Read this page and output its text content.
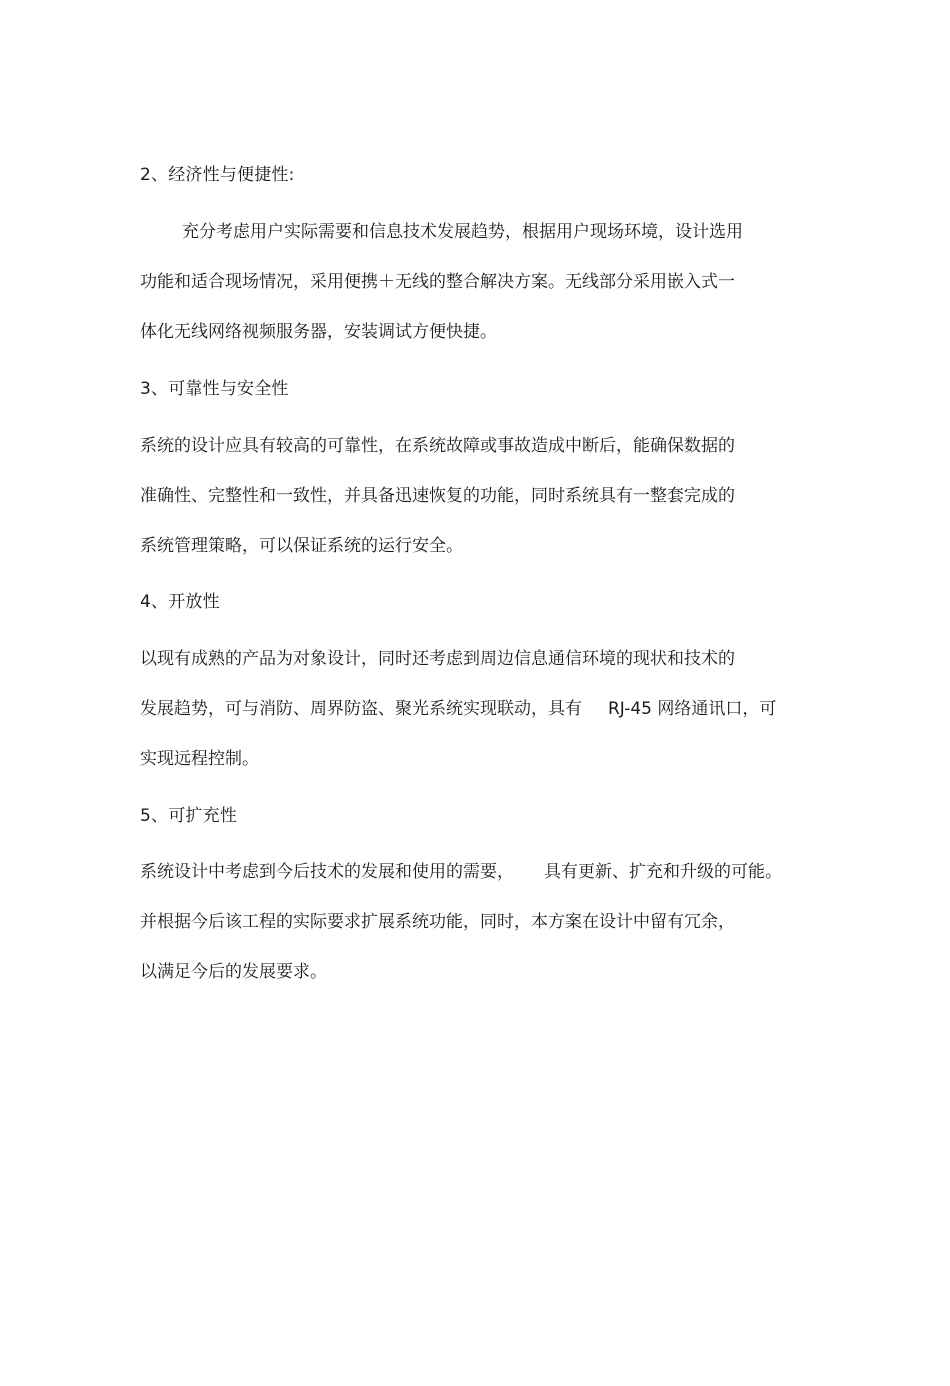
2、经济性与便捷性:
充分考虑用户实际需要和信息技术发展趋势，根据用户现场环境，设计选用
功能和适合现场情况，采用便携＋无线的整合解决方案。无线部分采用嵌入式一
体化无线网络视频服务器，安装调试方便快捷。
3、可靠性与安全性
系统的设计应具有较高的可靠性，在系统故障或事故造成中断后，能确保数据的
准确性、完整性和一致性，并具备迅速恢复的功能，同时系统具有一整套完成的
系统管理策略，可以保证系统的运行安全。
4、开放性
以现有成熟的产品为对象设计，同时还考虑到周边信息通信环境的现状和技术的
发展趋势，可与消防、周界防盗、聚光系统实现联动，具有 RJ-45 网络通讯口，可
实现远程控制。
5、可扩充性
系统设计中考虑到今后技术的发展和使用的需要， 具有更新、扩充和升级的可能。
并根据今后该工程的实际要求扩展系统功能，同时，本方案在设计中留有冗余，
以满足今后的发展要求。
